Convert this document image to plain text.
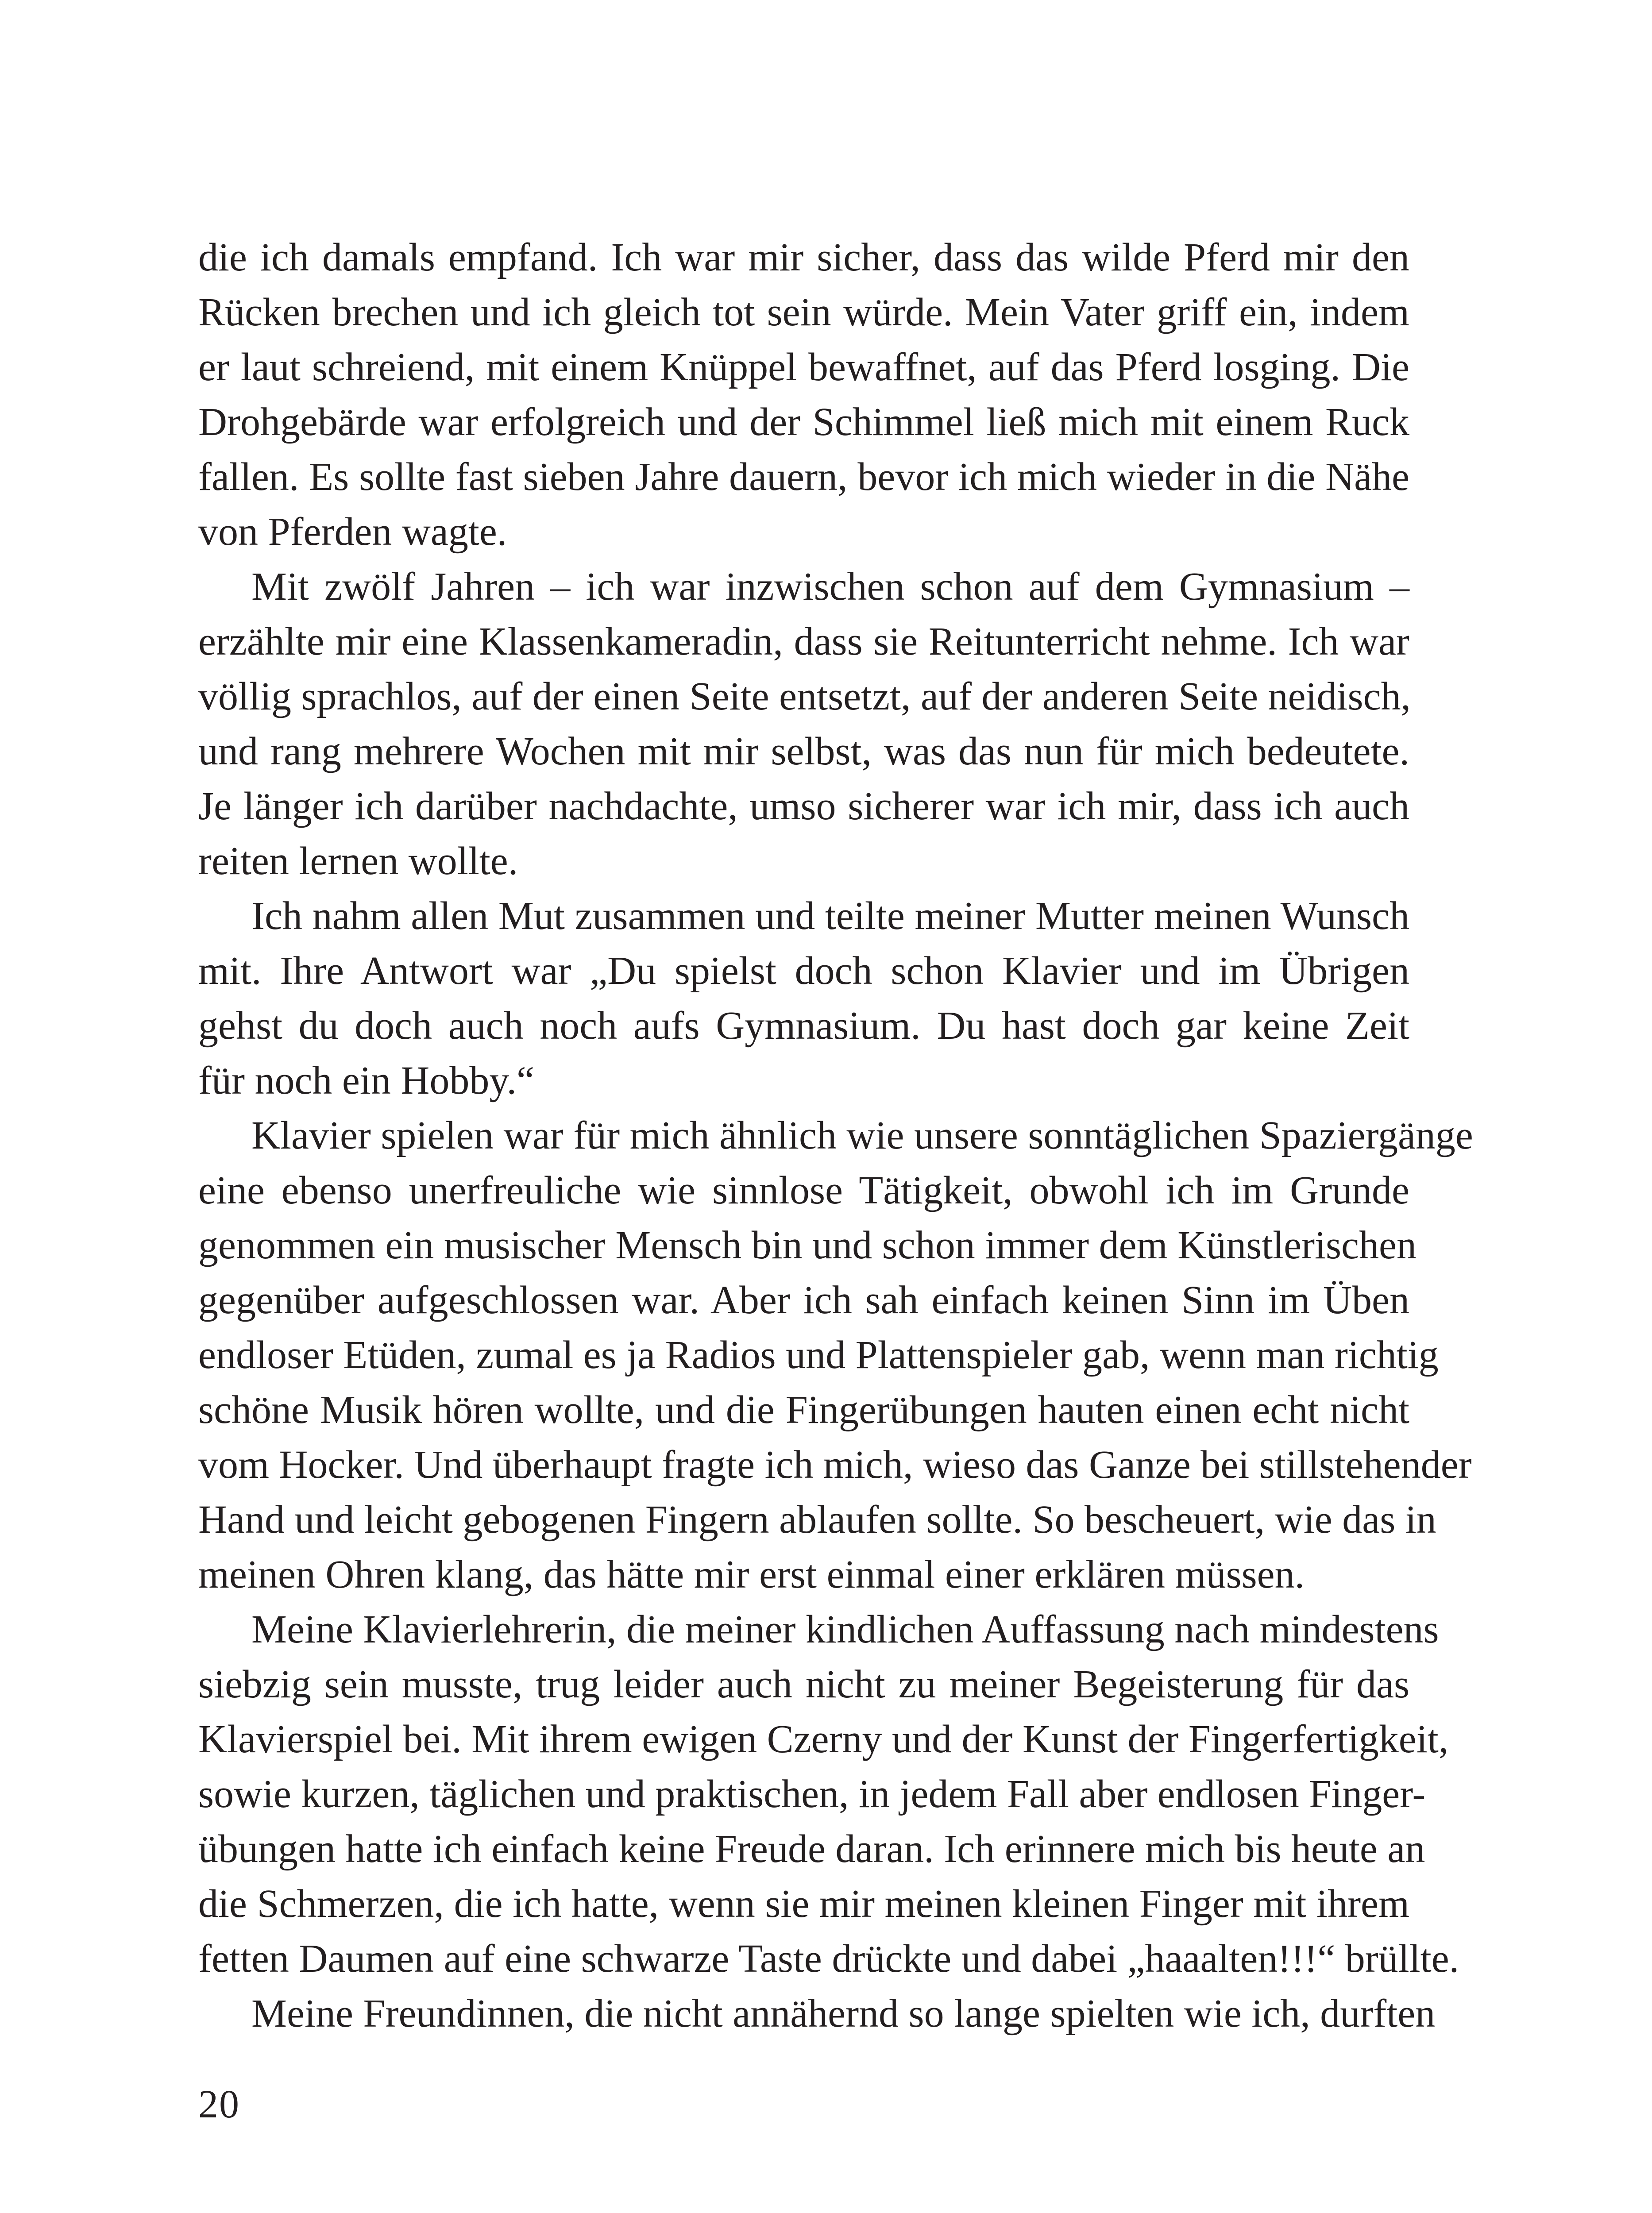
die ich damals empfand. Ich war mir sicher, dass das wilde Pferd mir den
Rücken brechen und ich gleich tot sein würde. Mein Vater griff ein, indem
er laut schreiend, mit einem Knüppel bewaffnet, auf das Pferd losging. Die
Drohgebärde war erfolgreich und der Schimmel ließ mich mit einem Ruck
fallen. Es sollte fast sieben Jahre dauern, bevor ich mich wieder in die Nähe
von Pferden wagte.
Mit zwölf Jahren – ich war inzwischen schon auf dem Gymnasium –
erzählte mir eine Klassenkameradin, dass sie Reitunterricht nehme. Ich war
völlig sprachlos, auf der einen Seite entsetzt, auf der anderen Seite neidisch,
und rang mehrere Wochen mit mir selbst, was das nun für mich bedeutete.
Je länger ich darüber nachdachte, umso sicherer war ich mir, dass ich auch
reiten lernen wollte.
Ich nahm allen Mut zusammen und teilte meiner Mutter meinen Wunsch
mit. Ihre Antwort war „Du spielst doch schon Klavier und im Übrigen
gehst du doch auch noch aufs Gymnasium. Du hast doch gar keine Zeit
für noch ein Hobby.“
Klavier spielen war für mich ähnlich wie unsere sonntäglichen Spaziergänge
eine ebenso unerfreuliche wie sinnlose Tätigkeit, obwohl ich im Grunde
genommen ein musischer Mensch bin und schon immer dem Künstlerischen
gegenüber aufgeschlossen war. Aber ich sah einfach keinen Sinn im Üben
endloser Etüden, zumal es ja Radios und Plattenspieler gab, wenn man richtig
schöne Musik hören wollte, und die Fingerübungen hauten einen echt nicht
vom Hocker. Und überhaupt fragte ich mich, wieso das Ganze bei stillstehender
Hand und leicht gebogenen Fingern ablaufen sollte. So bescheuert, wie das in
meinen Ohren klang, das hätte mir erst einmal einer erklären müssen.
Meine Klavierlehrerin, die meiner kindlichen Auffassung nach mindestens
siebzig sein musste, trug leider auch nicht zu meiner Begeisterung für das
Klavierspiel bei. Mit ihrem ewigen Czerny und der Kunst der Fingerfertigkeit,
sowie kurzen, täglichen und praktischen, in jedem Fall aber endlosen Finger-
übungen hatte ich einfach keine Freude daran. Ich erinnere mich bis heute an
die Schmerzen, die ich hatte, wenn sie mir meinen kleinen Finger mit ihrem
fetten Daumen auf eine schwarze Taste drückte und dabei „haaalten!!!“ brüllte.
Meine Freundinnen, die nicht annähernd so lange spielten wie ich, durften
20
